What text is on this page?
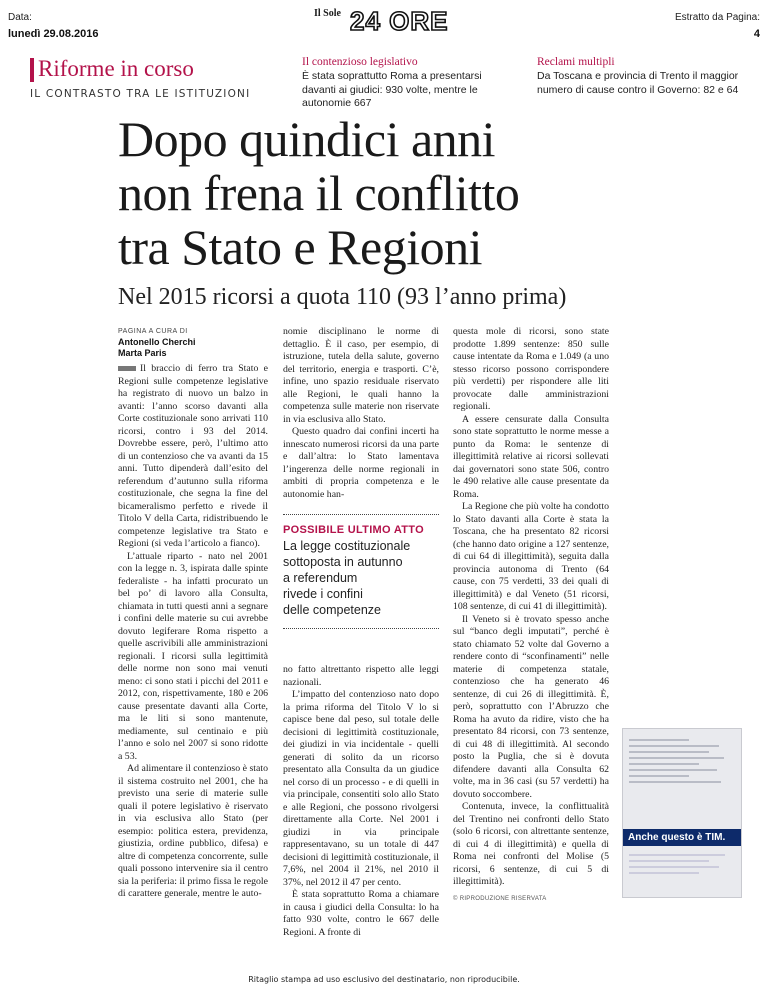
Data:
lunedì 29.08.2016
Il Sole 24 ORE	Estratto da Pagina:
4
Riforme in corso
IL CONTRASTO TRA LE ISTITUZIONI
Il contenzioso legislativo
È stata soprattutto Roma a presentarsi davanti ai giudici: 930 volte, mentre le autonomie 667
Reclami multipli
Da Toscana e provincia di Trento il maggior numero di cause contro il Governo: 82 e 64
Dopo quindici anni
non frena il conflitto
tra Stato e Regioni
Nel 2015 ricorsi a quota 110 (93 l’anno prima)
PAGINA A CURA DI
Antonello Cherchi
Marta Paris

Il braccio di ferro tra Stato e Regioni sulle competenze legislative ha registrato di nuovo un balzo in avanti: l’anno scorso davanti alla Corte costituzionale sono arrivati 110 ricorsi, contro i 93 del 2014. Dovrebbe essere, però, l’ultimo atto di un contenzioso che va avanti da 15 anni. Tutto dipenderà dall’esito del referendum d’autunno sulla riforma costituzionale, che segna la fine del bicameralismo perfetto e rivede il Titolo V della Carta, ridistribuendo le competenze legislative tra Stato e Regioni (si veda l’articolo a fianco).

L’attuale riparto - nato nel 2001 con la legge n. 3, ispirata dalle spinte federaliste - ha infatti procurato un bel po’ di lavoro alla Consulta, chiamata in tutti questi anni a segnare i confini delle materie su cui avrebbe dovuto legiferare Roma rispetto a quelle ascrivibili alle amministrazioni regionali. I ricorsi sulla legittimità delle norme non sono mai venuti meno: ci sono stati i picchi del 2011 e 2012, con, rispettivamente, 180 e 206 cause presentate davanti alla Corte, ma le liti si sono mantenute, mediamente, sul centinaio e più l’anno e solo nel 2007 si sono ridotte a 53.

Ad alimentare il contenzioso è stato il sistema costruito nel 2001, che ha previsto una serie di materie sulle quali il potere legislativo è riservato in via esclusiva allo Stato (per esempio: politica estera, previdenza, giustizia, ordine pubblico, difesa) e altre di competenza concorrente, sulle quali possono intervenire sia il centro sia la periferia: il primo fissa le regole di carattere generale, mentre le auto-

nomie disciplinano le norme di dettaglio. È il caso, per esempio, di istruzione, tutela della salute, governo del territorio, energia e trasporti. C’è, infine, uno spazio residuale riservato alle Regioni, le quali hanno la competenza sulle materie non riservate in via esclusiva allo Stato.

Questo quadro dai confini incerti ha innescato numerosi ricorsi da una parte e dall’altra: lo Stato lamentava l’ingerenza delle norme regionali in ambiti di propria competenza e le autonomie han-

POSSIBILE ULTIMO ATTO
La legge costituzionale
sottoposta in autunno
a referendum
rivede i confini
delle competenze

no fatto altrettanto rispetto alle leggi nazionali.

L’impatto del contenzioso nato dopo la prima riforma del Titolo V lo si capisce bene dal peso, sul totale delle decisioni di legittimità costituzionale, dei giudizi in via incidentale - quelli generati di solito da un ricorso presentato alla Consulta da un giudice nel corso di un processo - e di quelli in via principale, consentiti solo allo Stato e alle Regioni, che possono rivolgersi direttamente alla Corte. Nel 2001 i giudizi in via principale rappresentavano, su un totale di 447 decisioni di legittimità costituzionale, il 7,6%, nel 2004 il 21%, nel 2010 il 37%, nel 2012 il 47 per cento.

È stata soprattutto Roma a chiamare in causa i giudici della Consulta: lo ha fatto 930 volte, contro le 667 delle Regioni. A fronte di

questa mole di ricorsi, sono state prodotte 1.899 sentenze: 850 sulle cause intentate da Roma e 1.049 (a uno stesso ricorso possono corrispondere più verdetti) per rispondere alle liti provocate dalle amministrazioni regionali.

A essere censurate dalla Consulta sono state soprattutto le norme messe a punto da Roma: le sentenze di illegittimità relative ai ricorsi sollevati dai governatori sono state 506, contro le 490 relative alle cause presentate da Roma.

La Regione che più volte ha condotto lo Stato davanti alla Corte è stata la Toscana, che ha presentato 82 ricorsi (che hanno dato origine a 127 sentenze, di cui 64 di illegittimità), seguita dalla provincia autonoma di Trento (64 cause, con 75 verdetti, 33 dei quali di illegittimità) e dal Veneto (51 ricorsi, 108 sentenze, di cui 41 di illegittimità).

Il Veneto si è trovato spesso anche sul “banco degli imputati”, perché è stato chiamato 52 volte dal Governo a rendere conto di “sconfinamenti” nelle materie di competenza statale, contenzioso che ha generato 46 sentenze, di cui 26 di illegittimità. È, però, soprattutto con l’Abruzzo che Roma ha avuto da ridire, visto che ha presentato 84 ricorsi, con 73 sentenze, di cui 48 di illegittimità. Al secondo posto la Puglia, che si è dovuta difendere davanti alla Consulta 62 volte, ma in 36 casi (su 57 verdetti) ha dovuto soccombere.

Contenuta, invece, la conflittualità del Trentino nei confronti dello Stato (solo 6 ricorsi, con altrettante sentenze, di cui 4 di illegittimità) e quella di Roma nei confronti del Molise (5 ricorsi, 6 sentenze, di cui 5 di illegittimità).

© RIPRODUZIONE RISERVATA
Anche questo è TIM.
Ritaglio stampa ad uso esclusivo del destinatario, non riproducibile.
